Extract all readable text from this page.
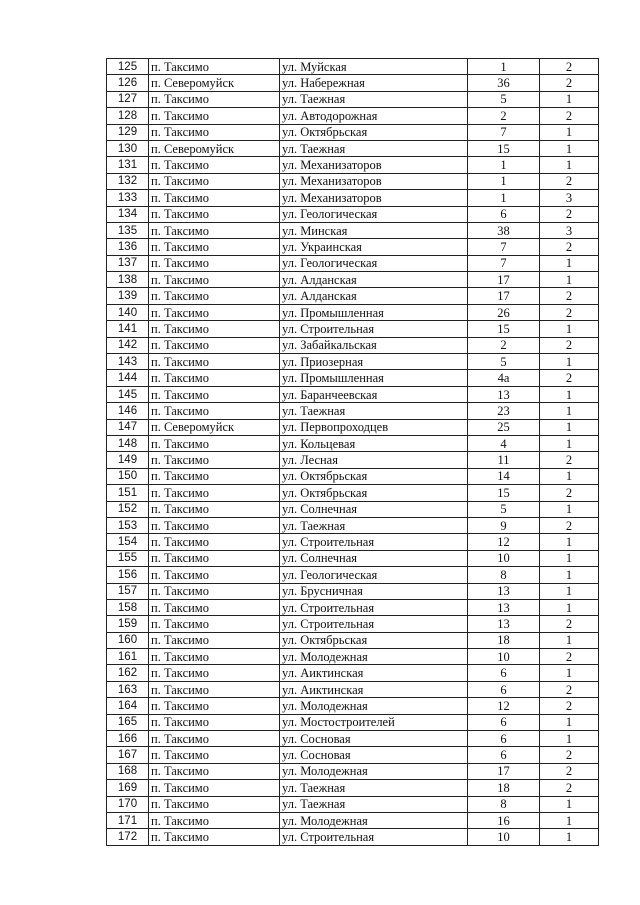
125	п. Таксимо	ул. Муйская	1	2
126	п. Северомуйск	ул. Набережная	36	2
127	п. Таксимо	ул. Таежная	5	1
128	п. Таксимо	ул. Автодорожная	2	2
129	п. Таксимо	ул. Октябрьская	7	1
130	п. Северомуйск	ул. Таежная	15	1
131	п. Таксимо	ул. Механизаторов	1	1
132	п. Таксимо	ул. Механизаторов	1	2
133	п. Таксимо	ул. Механизаторов	1	3
134	п. Таксимо	ул. Геологическая	6	2
135	п. Таксимо	ул. Минская	38	3
136	п. Таксимо	ул. Украинская	7	2
137	п. Таксимо	ул. Геологическая	7	1
138	п. Таксимо	ул. Алданская	17	1
139	п. Таксимо	ул. Алданская	17	2
140	п. Таксимо	ул. Промышленная	26	2
141	п. Таксимо	ул. Строительная	15	1
142	п. Таксимо	ул. Забайкальская	2	2
143	п. Таксимо	ул. Приозерная	5	1
144	п. Таксимо	ул. Промышленная	4а	2
145	п. Таксимо	ул. Баранчеевская	13	1
146	п. Таксимо	ул. Таежная	23	1
147	п. Северомуйск	ул. Первопроходцев	25	1
148	п. Таксимо	ул. Кольцевая	4	1
149	п. Таксимо	ул. Лесная	11	2
150	п. Таксимо	ул. Октябрьская	14	1
151	п. Таксимо	ул. Октябрьская	15	2
152	п. Таксимо	ул. Солнечная	5	1
153	п. Таксимо	ул. Таежная	9	2
154	п. Таксимо	ул. Строительная	12	1
155	п. Таксимо	ул. Солнечная	10	1
156	п. Таксимо	ул. Геологическая	8	1
157	п. Таксимо	ул. Брусничная	13	1
158	п. Таксимо	ул. Строительная	13	1
159	п. Таксимо	ул. Строительная	13	2
160	п. Таксимо	ул. Октябрьская	18	1
161	п. Таксимо	ул. Молодежная	10	2
162	п. Таксимо	ул. Аиктинская	6	1
163	п. Таксимо	ул. Аиктинская	6	2
164	п. Таксимо	ул. Молодежная	12	2
165	п. Таксимо	ул. Мостостроителей	6	1
166	п. Таксимо	ул. Сосновая	6	1
167	п. Таксимо	ул. Сосновая	6	2
168	п. Таксимо	ул. Молодежная	17	2
169	п. Таксимо	ул. Таежная	18	2
170	п. Таксимо	ул. Таежная	8	1
171	п. Таксимо	ул. Молодежная	16	1
172	п. Таксимо	ул. Строительная	10	1
